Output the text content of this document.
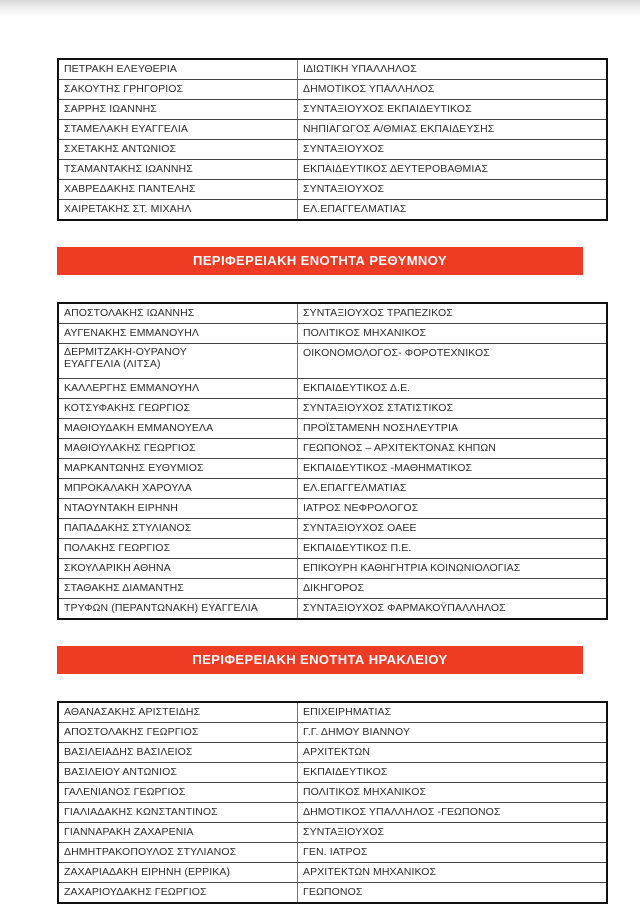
ΠΕΤΡΑΚΗ ΕΛΕΥΘΕΡΙΑ	ΙΔΙΩΤΙΚΗ ΥΠΑΛΛΗΛΟΣ
ΣΑΚΟΥΤΗΣ ΓΡΗΓΟΡΙΟΣ	ΔΗΜΟΤΙΚΟΣ ΥΠΑΛΛΗΛΟΣ
ΣΑΡΡΗΣ ΙΩΑΝΝΗΣ	ΣΥΝΤΑΞΙΟΥΧΟΣ ΕΚΠΑΙΔΕΥΤΙΚΟΣ
ΣΤΑΜΕΛΑΚΗ ΕΥΑΓΓΕΛΙΑ	ΝΗΠΙΑΓΩΓΟΣ Α/ΘΜΙΑΣ ΕΚΠΑΙΔΕΥΣΗΣ
ΣΧΕΤΑΚΗΣ ΑΝΤΩΝΙΟΣ	ΣΥΝΤΑΞΙΟΥΧΟΣ
ΤΣΑΜΑΝΤΑΚΗΣ ΙΩΑΝΝΗΣ	ΕΚΠΑΙΔΕΥΤΙΚΟΣ ΔΕΥΤΕΡΟΒΑΘΜΙΑΣ
ΧΑΒΡΕΔΑΚΗΣ ΠΑΝΤΕΛΗΣ	ΣΥΝΤΑΞΙΟΥΧΟΣ
ΧΑΙΡΕΤΑΚΗΣ ΣΤ. ΜΙΧΑΗΛ	ΕΛ.ΕΠΑΓΓΕΛΜΑΤΙΑΣ
ΠΕΡΙΦΕΡΕΙΑΚΗ ΕΝΟΤΗΤΑ ΡΕΘΥΜΝΟΥ
ΑΠΟΣΤΟΛΑΚΗΣ ΙΩΑΝΝΗΣ	ΣΥΝΤΑΞΙΟΥΧΟΣ ΤΡΑΠΕΖΙΚΟΣ
ΑΥΓΕΝΑΚΗΣ ΕΜΜΑΝΟΥΗΛ	ΠΟΛΙΤΙΚΟΣ ΜΗΧΑΝΙΚΟΣ

ΔΕΡΜΙΤΖΑΚΗ-ΟΥΡΑΝΟΥ
ΕΥΑΓΓΕΛΙΑ (ΛΙΤΣΑ)	ΟΙΚΟΝΟΜΟΛΟΓΟΣ- ΦΟΡΟΤΕΧΝΙΚΟΣ
ΚΑΛΛΕΡΓΗΣ ΕΜΜΑΝΟΥΗΛ	ΕΚΠΑΙΔΕΥΤΙΚΟΣ Δ.Ε.
ΚΟΤΣΥΦΑΚΗΣ ΓΕΩΡΓΙΟΣ	ΣΥΝΤΑΞΙΟΥΧΟΣ ΣΤΑΤΙΣΤΙΚΟΣ
ΜΑΘΙΟΥΔΑΚΗ ΕΜΜΑΝΟΥΕΛΑ	ΠΡΟΪΣΤΑΜΕΝΗ ΝΟΣΗΛΕΥΤΡΙΑ
ΜΑΘΙΟΥΛΑΚΗΣ ΓΕΩΡΓΙΟΣ	ΓΕΩΠΟΝΟΣ – ΑΡΧΙΤΕΚΤΟΝΑΣ ΚΗΠΩΝ
ΜΑΡΚΑΝΤΩΝΗΣ ΕΥΘΥΜΙΟΣ	ΕΚΠΑΙΔΕΥΤΙΚΟΣ -ΜΑΘΗΜΑΤΙΚΟΣ
ΜΠΡΟΚΑΛΑΚΗ ΧΑΡΟΥΛΑ	ΕΛ.ΕΠΑΓΓΕΛΜΑΤΙΑΣ
ΝΤΑΟΥΝΤΑΚΗ ΕΙΡΗΝΗ	ΙΑΤΡΟΣ ΝΕΦΡΟΛΟΓΟΣ
ΠΑΠΑΔΑΚΗΣ ΣΤΥΛΙΑΝΟΣ	ΣΥΝΤΑΞΙΟΥΧΟΣ ΟΑΕΕ
ΠΟΛΑΚΗΣ ΓΕΩΡΓΙΟΣ	ΕΚΠΑΙΔΕΥΤΙΚΟΣ Π.Ε.
ΣΚΟΥΛΑΡΙΚΗ ΑΘΗΝΑ	ΕΠΙΚΟΥΡΗ ΚΑΘΗΓΗΤΡΙΑ ΚΟΙΝΩΝΙΟΛΟΓΙΑΣ
ΣΤΑΘΑΚΗΣ ΔΙΑΜΑΝΤΗΣ	ΔΙΚΗΓΟΡΟΣ
ΤΡΥΦΩΝ (ΠΕΡΑΝΤΩΝΑΚΗ) ΕΥΑΓΓΕΛΙΑ	ΣΥΝΤΑΞΙΟΥΧΟΣ ΦΑΡΜΑΚΟΫΠΑΛΛΗΛΟΣ
ΠΕΡΙΦΕΡΕΙΑΚΗ ΕΝΟΤΗΤΑ ΗΡΑΚΛΕΙΟΥ
ΑΘΑΝΑΣΑΚΗΣ ΑΡΙΣΤΕΙΔΗΣ	ΕΠΙΧΕΙΡΗΜΑΤΙΑΣ
ΑΠΟΣΤΟΛΑΚΗΣ ΓΕΩΡΓΙΟΣ	Γ.Γ. ΔΗΜΟΥ ΒΙΑΝΝΟΥ
ΒΑΣΙΛΕΙΑΔΗΣ ΒΑΣΙΛΕΙΟΣ	ΑΡΧΙΤΕΚΤΩΝ
ΒΑΣΙΛΕΙΟΥ ΑΝΤΩΝΙΟΣ	ΕΚΠΑΙΔΕΥΤΙΚΟΣ
ΓΑΛΕΝΙΑΝΟΣ ΓΕΩΡΓΙΟΣ	ΠΟΛΙΤΙΚΟΣ ΜΗΧΑΝΙΚΟΣ
ΓΙΑΛΙΑΔΑΚΗΣ ΚΩΝΣΤΑΝΤΙΝΟΣ	ΔΗΜΟΤΙΚΟΣ ΥΠΑΛΛΗΛΟΣ -ΓΕΩΠΟΝΟΣ
ΓΙΑΝΝΑΡΑΚΗ ΖΑΧΑΡΕΝΙΑ	ΣΥΝΤΑΞΙΟΥΧΟΣ
ΔΗΜΗΤΡΑΚΟΠΟΥΛΟΣ ΣΤΥΛΙΑΝΟΣ	ΓΕΝ. ΙΑΤΡΟΣ
ΖΑΧΑΡΙΑΔΑΚΗ ΕΙΡΗΝΗ (ΕΡΡΙΚΑ)	ΑΡΧΙΤΕΚΤΩΝ ΜΗΧΑΝΙΚΟΣ
ΖΑΧΑΡΙΟΥΔΑΚΗΣ ΓΕΩΡΓΙΟΣ	ΓΕΩΠΟΝΟΣ
